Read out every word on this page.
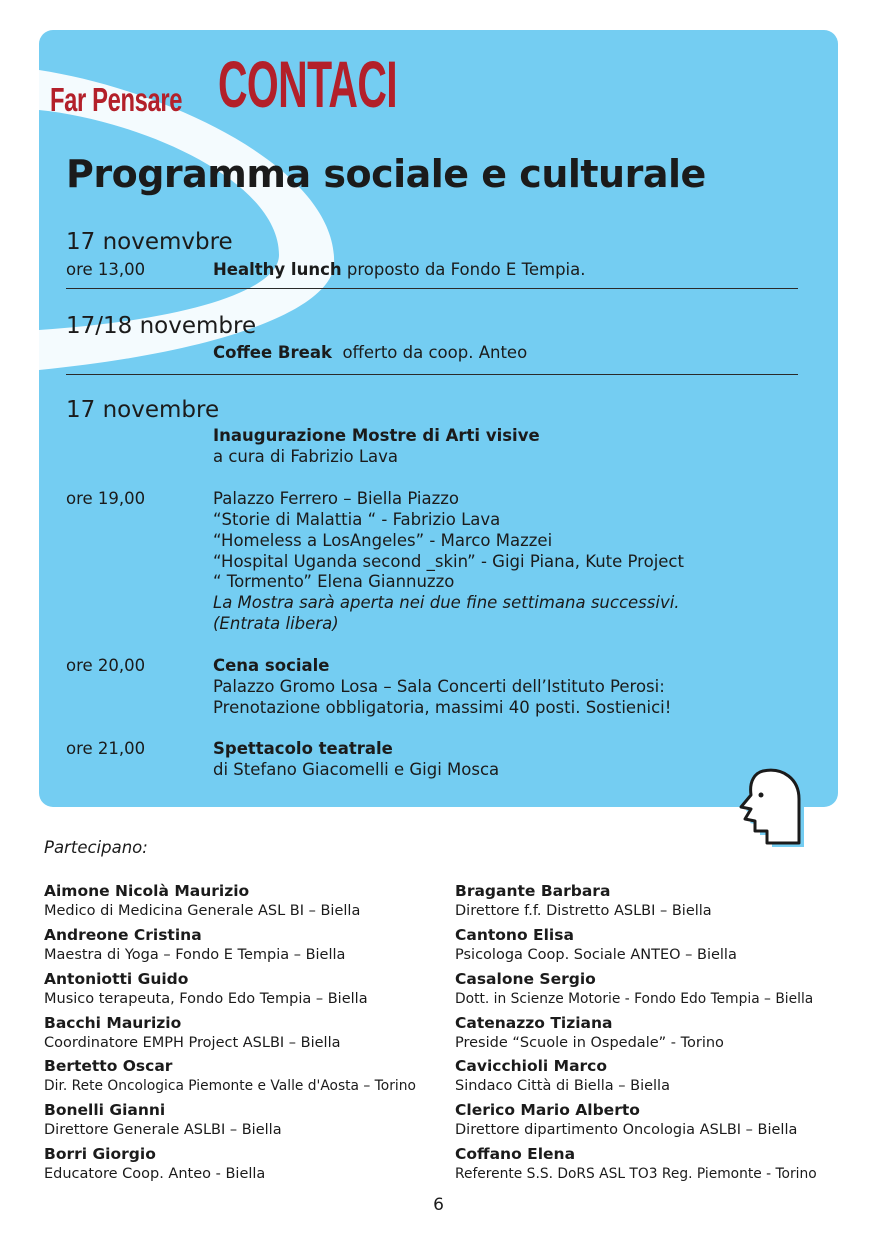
Far Pensare CONTACI
Programma sociale e culturale
17 novemvbre
ore 13,00	Healthy lunch proposto da Fondo E Tempia.
17/18 novembre
Coffee Break  offerto da coop. Anteo
17 novembre
Inaugurazione Mostre di Arti visive
a cura di Fabrizio Lava
ore 19,00	Palazzo Ferrero – Biella Piazzo
“Storie di Malattia “ - Fabrizio Lava
“Homeless a LosAngeles” - Marco Mazzei
“Hospital Uganda second _skin” - Gigi Piana, Kute Project
“ Tormento” Elena Giannuzzo
La Mostra sarà aperta nei due fine settimana successivi.
(Entrata libera)
ore 20,00	Cena sociale
Palazzo Gromo Losa – Sala Concerti dell’Istituto Perosi:
Prenotazione obbligatoria, massimi 40 posti. Sostienici!
ore 21,00	Spettacolo teatrale
di Stefano Giacomelli e Gigi Mosca
Partecipano:
Aimone Nicolà Maurizio
Medico di Medicina Generale ASL BI – Biella
Andreone Cristina
Maestra di Yoga – Fondo E Tempia – Biella
Antoniotti Guido
Musico terapeuta, Fondo Edo Tempia – Biella
Bacchi Maurizio
Coordinatore EMPH Project ASLBI – Biella
Bertetto Oscar
Dir. Rete Oncologica Piemonte e Valle d'Aosta – Torino
Bonelli Gianni
Direttore Generale ASLBI – Biella
Borri Giorgio
Educatore Coop. Anteo - Biella
Bragante Barbara
Direttore f.f. Distretto ASLBI – Biella
Cantono Elisa
Psicologa Coop. Sociale ANTEO – Biella
Casalone Sergio
Dott. in Scienze Motorie - Fondo Edo Tempia – Biella
Catenazzo Tiziana
Preside “Scuole in Ospedale” - Torino
Cavicchioli Marco
Sindaco Città di Biella – Biella
Clerico Mario Alberto
Direttore dipartimento Oncologia ASLBI – Biella
Coffano Elena
Referente S.S. DoRS ASL TO3 Reg. Piemonte - Torino
6
